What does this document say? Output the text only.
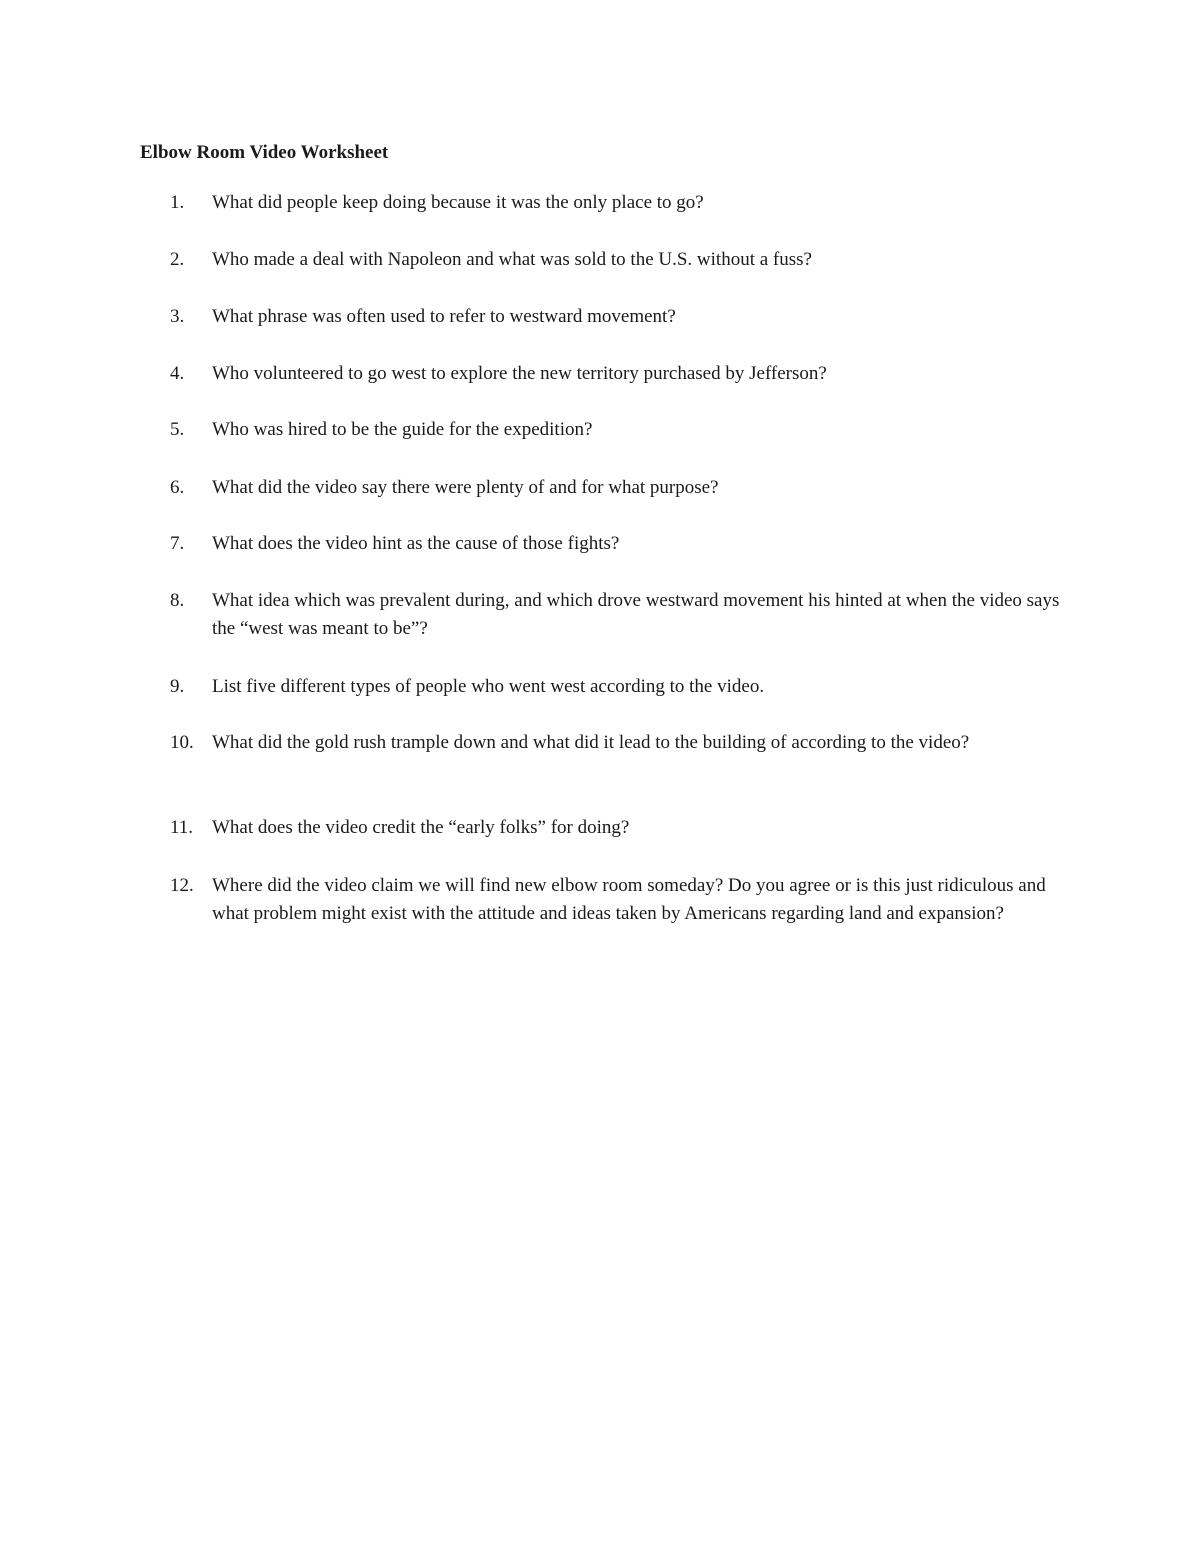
Elbow Room Video Worksheet
1.	What did people keep doing because it was the only place to go?
2.	Who made a deal with Napoleon and what was sold to the U.S. without a fuss?
3.	What phrase was often used to refer to westward movement?
4.	Who volunteered to go west to explore the new territory purchased by Jefferson?
5.	Who was hired to be the guide for the expedition?
6.	What did the video say there were plenty of and for what purpose?
7.	What does the video hint as the cause of those fights?
8.	What idea which was prevalent during, and which drove westward movement his hinted at when the video says the “west was meant to be”?
9.	List five different types of people who went west according to the video.
10. What did the gold rush trample down and what did it lead to the building of according to the video?
11. What does the video credit the “early folks” for doing?
12. Where did the video claim we will find new elbow room someday? Do you agree or is this just ridiculous and what problem might exist with the attitude and ideas taken by Americans regarding land and expansion?
